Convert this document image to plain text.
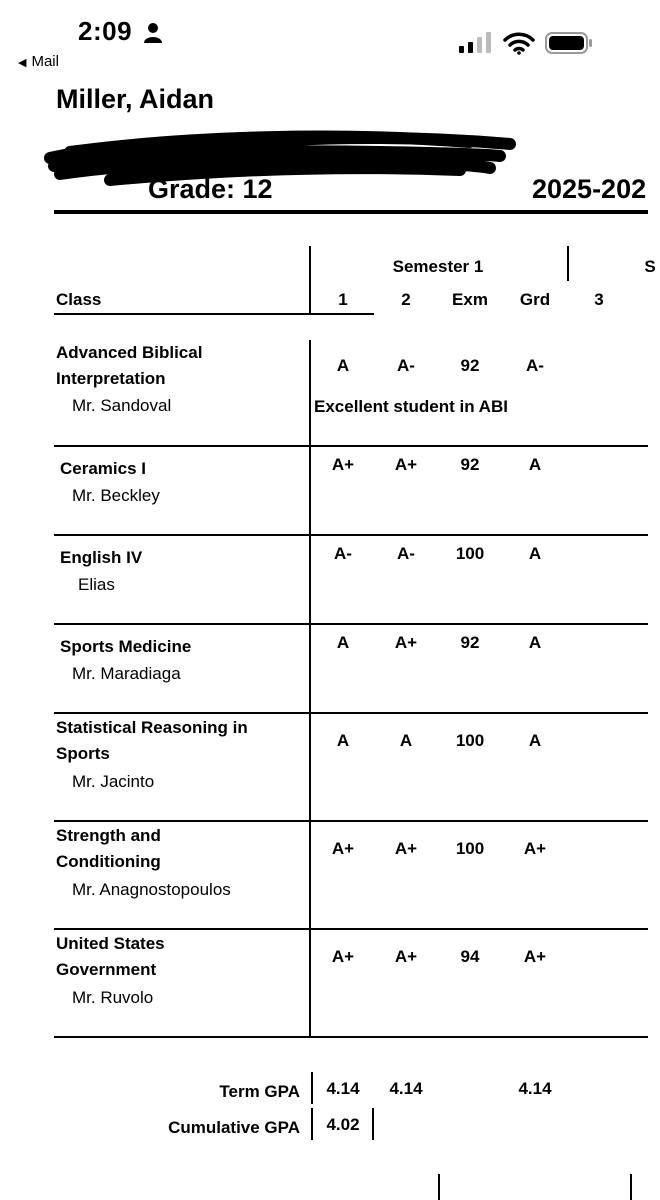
2:09
◀ Mail
Miller, Aidan
Grade: 12	2025-202
Semester 1	S
Class	1	2	Exm	Grd	3
Advanced Biblical Interpretation
Mr. Sandoval
A	A-	92	A-
Excellent student in ABI
Ceramics I
Mr. Beckley
A+	A+	92	A
English IV
Elias
A-	A-	100	A
Sports Medicine
Mr. Maradiaga
A	A+	92	A
Statistical Reasoning in Sports
Mr. Jacinto
A	A	100	A
Strength and Conditioning
Mr. Anagnostopoulos
A+	A+	100	A+
United States Government
Mr. Ruvolo
A+	A+	94	A+
Term GPA	4.14	4.14	4.14
Cumulative GPA	4.02
